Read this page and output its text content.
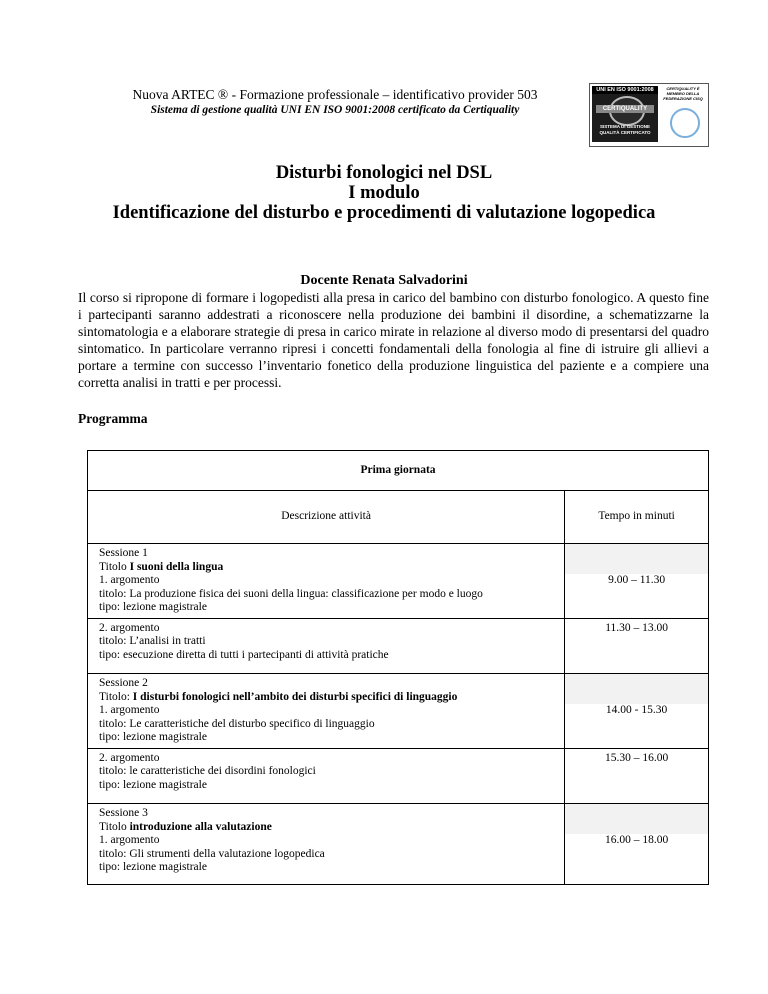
Nuova ARTEC ® - Formazione professionale – identificativo provider 503
Sistema di gestione qualità UNI EN ISO 9001:2008 certificato da Certiquality
UNI EN ISO 9001:2008
CERTIQUALITY
SISTEMA DI GESTIONE QUALITÀ CERTIFICATO
CERTIQUALITY È MEMBRO DELLA FEDERAZIONE CISQ
Disturbi fonologici nel DSL
I modulo
Identificazione del disturbo e procedimenti di valutazione logopedica
Docente Renata Salvadorini

Il corso si ripropone di formare i logopedisti alla presa in carico del bambino con disturbo fonologico. A questo fine i partecipanti saranno addestrati a riconoscere nella produzione dei bambini il disordine, a schematizzarne la sintomatologia e a elaborare strategie di presa in carico mirate in relazione al diverso modo di presentarsi del quadro sintomatico. In particolare verranno ripresi i concetti fondamentali della fonologia al fine di istruire gli allievi a portare a termine con successo l’inventario fonetico della produzione linguistica del paziente e a compiere una corretta analisi in tratti e per processi.

Programma
Prima giornata	
Descrizione attività	Tempo in minuti

Sessione 1
Titolo I suoni della lingua
1. argomento
titolo: La produzione fisica dei suoni della lingua: classificazione per modo e luogo
tipo: lezione magistrale	9.00 – 11.30

2. argomento
titolo: L’analisi in tratti
tipo: esecuzione diretta di tutti i partecipanti di attività pratiche	11.30 – 13.00

Sessione 2
Titolo: I disturbi fonologici nell’ambito dei disturbi specifici di linguaggio
1. argomento
titolo: Le caratteristiche del disturbo specifico di linguaggio
tipo: lezione magistrale	14.00 - 15.30

2. argomento
titolo: le caratteristiche dei disordini fonologici
tipo: lezione magistrale	15.30 – 16.00

Sessione 3
Titolo introduzione alla valutazione
1. argomento
titolo: Gli strumenti della valutazione logopedica
tipo: lezione magistrale	16.00 – 18.00
